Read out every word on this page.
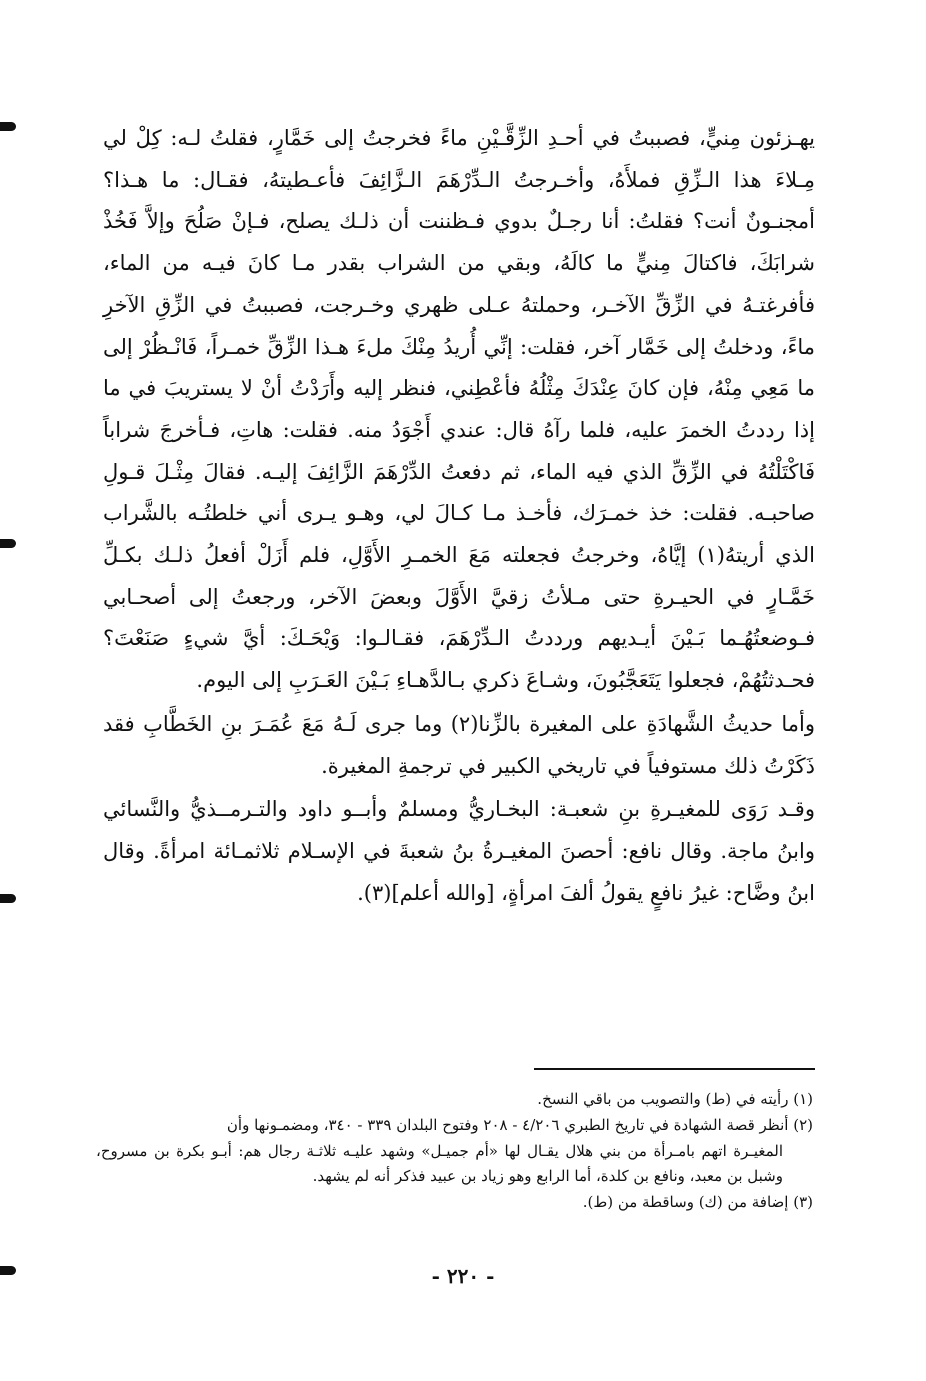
يهـزئون مِنيٍّ، فصببتُ في أحـدِ الزِّقَّـيْنِ ماءً فخرجتُ إلى خَمَّارٍ، فقلتُ لـه: كِلْ لي مِـلاءَ هذا الـزِّقِ فملأَهُ، وأخـرجتُ الـدِّرْهَمَ الـزَّائِفَ فأعـطيتهُ، فقـال: ما هـذا؟ أمجنـونٌ أنت؟ فقلتُ: أنا رجـلٌ بدوي فـظننت أن ذلـك يصلح، فـإنْ صَلُحَ وإلاَّ فَخُذْ شرابَكَ، فاكتالَ مِنيٍّ ما كالَهُ، وبقي من الشراب بقدر مـا كانَ فيـه من الماء، فأفرغتـهُ في الزِّقِّ الآخـر، وحملتهُ عـلى ظهري وخـرجت، فصببتُ في الزِّقِ الآخرِ ماءً، ودخلتُ إلى خَمَّار آخر، فقلت: إنِّي أُريدُ مِنْكَ ملءَ هـذا الزِّقِّ خمـراً، فَانْـظُرْ إلى ما مَعِي مِنْهُ، فإن كانَ عِنْدَكَ مِثْلُهُ فأعْطِني، فنظر إليه وأَرَدْتُ أنْ لا يستريبَ في ما إذا رددتُ الخمرَ عليه، فلما رآهُ قال: عندي أَجْوَدُ منه. فقلت: هاتِ، فـأخرجَ شراباً فَاكْتَلْتُهُ في الزِّقِّ الذي فيه الماء، ثم دفعتُ الدِّرْهَمَ الزَّائِفَ إليـه. فقالَ مِثْـلَ قـولِ صاحبـه. فقلت: خذ خمـرَك، فأخـذ مـا كـالَ لي، وهـو يـرى أني خلطتُـه بالشَّراب الذي أريتهُ(١) إيَّاهُ، وخرجتُ فجعلته مَعَ الخمـرِ الأَوَّلِ، فلم أَزَلْ أفعلُ ذلـك بكـلِّ خَمَّـارٍ في الحيـرةِ حتى مـلأتُ زقيَّ الأَوَّلَ وبعضَ الآخر، ورجعتُ إلى أصحـابي فـوضعتُهُـما بَـيْنَ أيـديهم ورددتُ الـدِّرْهَمَ، فقـالـوا: وَيْحَـكَ: أيَّ شيءٍ صَنَعْتَ؟ فحـدثتُهُمْ، فجعلوا يَتَعَجَّبُونَ، وشـاعَ ذكري بـالدَّهـاءِ بَـيْنَ العَـرَبِ إلى اليوم.

وأما حديثُ الشَّهادَةِ على المغيرة بالزِّنا(٢) وما جرى لَـهُ مَعَ عُمَـرَ بنِ الخَطَّابِ فقد ذَكَرْتُ ذلك مستوفياً في تاريخي الكبير في ترجمةِ المغيرة.

وقـد رَوَى للمغيـرةِ بنِ شعبـة: البخـاريُّ ومسلمٌ وأبــو داود والتـرمــذيُّ والنَّسائي وابنُ ماجة. وقال نافع: أحصنَ المغيـرةُ بنُ شعبةَ في الإسـلام ثلاثمـائة امرأةً. وقال ابنُ وضَّاح: غيرُ نافعٍ يقولُ ألفَ امرأةٍ، [والله أعلم](٣).

(١) رأيته في (ط) والتصويب من باقي النسخ.

(٢) أنظر قصة الشهادة في تاريخ الطبري ٤/٢٠٦ - ٢٠٨ وفتوح البلدان ٣٣٩ - ٣٤٠، ومضمـونها وأن

المغيـرة اتهم بامـرأة من بني هلال يقـال لها «أم جميـل» وشهد عليـه ثلاثـة رجال هم: أبـو بكرة بن مسروح، وشبل بن معبد، ونافع بن كلدة، أما الرابع وهو زياد بن عبيد فذكر أنه لم يشهد.

(٣) إضافة من (ك) وساقطة من (ط).

- ٢٢٠ -
